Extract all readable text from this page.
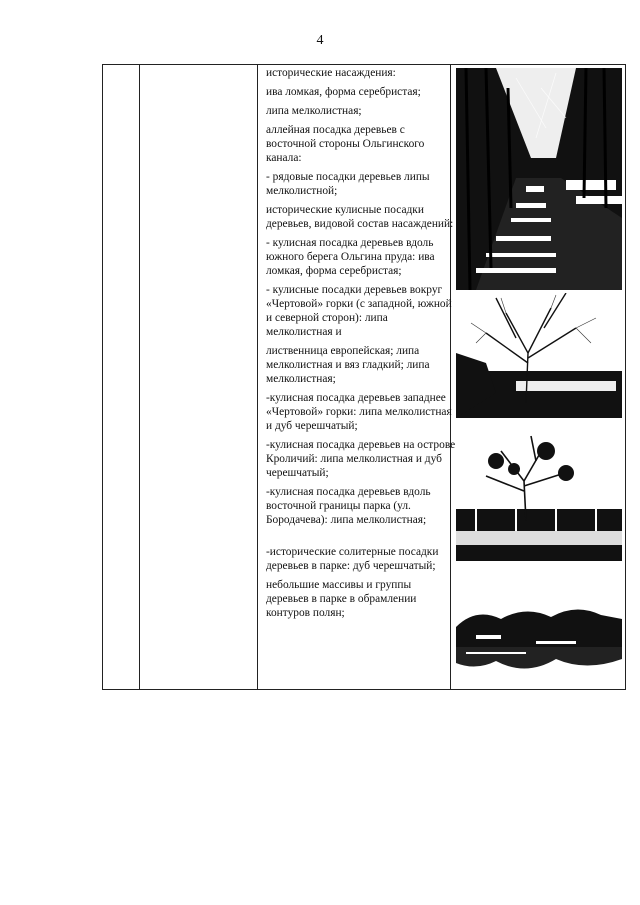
4

исторические насаждения:

ива ломкая, форма серебристая;

липа мелколистная;

аллейная посадка деревьев с восточной стороны Ольгинского канала:

- рядовые посадки деревьев липы мелколистной;

исторические кулисные посадки деревьев, видовой состав насаждений:

- кулисная посадка деревьев вдоль южного берега Ольгина пруда: ива ломкая, форма серебристая;

- кулисные посадки деревьев вокруг «Чертовой» горки (с западной, южной и северной сторон): липа мелколистная и

лиственница европейская; липа мелколистная и вяз гладкий; липа мелколистная;

-кулисная посадка деревьев западнее «Чертовой» горки: липа мелколистная и дуб черешчатый;

-кулисная посадка деревьев на острове Кроличий: липа мелколистная и дуб черешчатый;

-кулисная посадка деревьев вдоль восточной границы парка (ул. Бородачева): липа мелколистная;

-исторические солитерные посадки деревьев в парке: дуб черешчатый;

небольшие массивы и группы деревьев в парке в обрамлении контуров полян;
